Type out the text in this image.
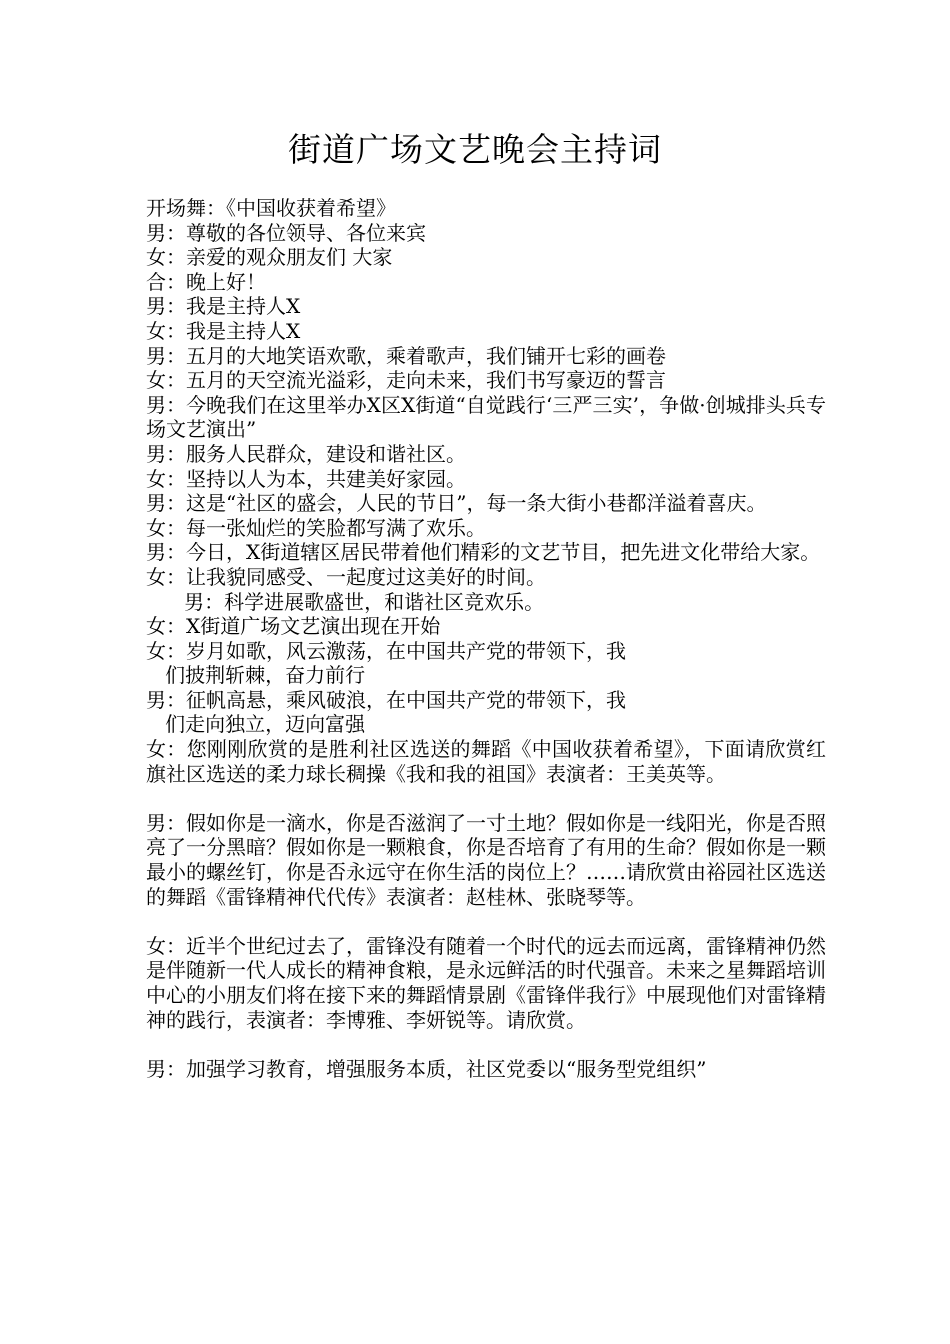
街道广场文艺晚会主持词
开场舞：《中国收获着希望》
男：尊敬的各位领导、各位来宾
女：亲爱的观众朋友们 大家
合：晚上好！
男：我是主持人X
女：我是主持人X
男：五月的大地笑语欢歌，乘着歌声，我们铺开七彩的画卷
女：五月的天空流光溢彩，走向未来，我们书写豪迈的誓言
男：今晚我们在这里举办X区X街道“自觉践行‘三严三实’，争做·创城排头兵专场文艺演出”
男：服务人民群众，建设和谐社区。
女：坚持以人为本，共建美好家园。
男：这是“社区的盛会，人民的节日”，每一条大街小巷都洋溢着喜庆。
女：每一张灿烂的笑脸都写满了欢乐。
男：今日，X街道辖区居民带着他们精彩的文艺节目，把先进文化带给大家。
女：让我貌同感受、一起度过这美好的时间。
男：科学进展歌盛世，和谐社区竞欢乐。
女：X街道广场文艺演出现在开始
女：岁月如歌，风云激荡，在中国共产党的带领下，我
们披荆斩棘，奋力前行
男：征帆高悬，乘风破浪，在中国共产党的带领下，我
们走向独立，迈向富强
女：您刚刚欣赏的是胜利社区选送的舞蹈《中国收获着希望》，下面请欣赏红旗社区选送的柔力球长稠操《我和我的祖国》表演者：王美英等。
男：假如你是一滴水，你是否滋润了一寸土地？假如你是一线阳光，你是否照亮了一分黑暗？假如你是一颗粮食，你是否培育了有用的生命？假如你是一颗最小的螺丝钉，你是否永远守在你生活的岗位上？……请欣赏由裕园社区选送的舞蹈《雷锋精神代代传》表演者：赵桂林、张晓琴等。
女：近半个世纪过去了，雷锋没有随着一个时代的远去而远离，雷锋精神仍然是伴随新一代人成长的精神食粮，是永远鲜活的时代强音。未来之星舞蹈培训中心的小朋友们将在接下来的舞蹈情景剧《雷锋伴我行》中展现他们对雷锋精神的践行，表演者：李博雅、李妍锐等。请欣赏。
男：加强学习教育，增强服务本质，社区党委以“服务型党组织”
